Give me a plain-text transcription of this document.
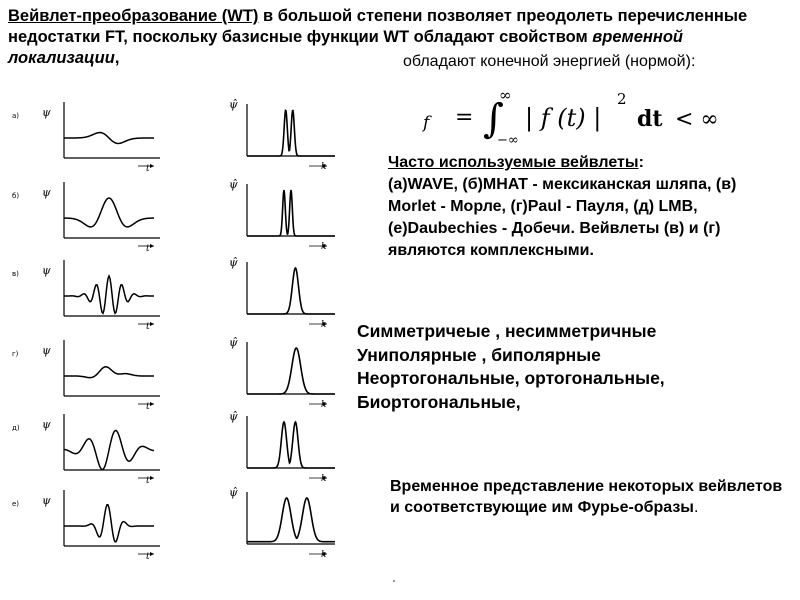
Вейвлет-преобразование (WT) в большой степени позволяет преодолеть перечисленные недостатки FT, поскольку базисные функции WT обладают свойством временной локализации,	обладают конечной энергией (нормой):

f = ∫
∞
−∞
| f (t) |
2
dt < ∞

Часто используемые вейвлеты:
(а)WAVE, (б)MHAT - мексиканская шляпа, (в) Morlet - Морле, (г)Paul - Пауля, (д) LMB, (е)Daubechies - Добечи. Вейвлеты (в) и (г) являются комплексными.

Симметричеые , несимметричные
Униполярные , биполярные
Неортогональные, ортогональные,
Биортогональные,

Временное представление некоторых вейвлетов и соответствующие им Фурье-образы.

а) ψ
t
ψ̂
k
б) ψ
t
ψ̂
k
в) ψ
t
ψ̂
k
г) ψ
t
ψ̂
k
д) ψ
t
ψ̂
k
е) ψ
t
ψ̂
k
